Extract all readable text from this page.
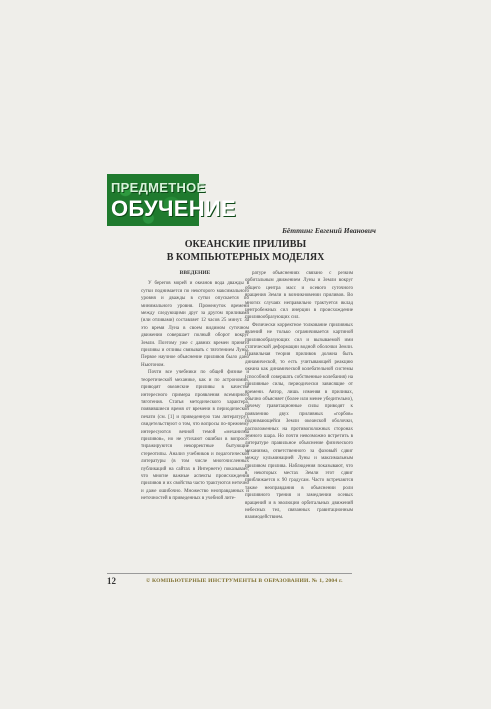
ПРЕДМЕТНОЕ
ОБУЧЕНИЕ
Бёттинг Евгений Иванович
ОКЕАНСКИЕ ПРИЛИВЫ
В КОМПЬЮТЕРНЫХ МОДЕЛЯХ
ВВЕДЕНИЕ

У берегов морей и океанов вода дважды в сутки поднимается по некоторого максимального уровня и дважды в сутки опускается по минимального уровня. Промежуток времени между следующими друг за другом приливами (или отливами) составляет 12 часов 25 минут. За это время Луна в своем видимом суточном движении совершает полный оборот вокруг Земли. Поэтому уже с давних времен принято приливы и отливы связывать с тяготением Луны. Первое научное объяснение приливов было дано Ньютоном.

Почти все учебники по общей физике и теоретической механике, как и по астрономии, приводят океанские приливы в качестве интересного примера проявления всемирного тяготения. Статья методического характера, появившиеся время от времени в периодической печати (см. [1] и приведенную там литературу), свидетельствуют о том, что вопросы по-прежнему интересуются вечной темой «механизма приливов», но не утихают ошибки в вопросе: тиражируются некорректные бытующие стереотипы. Анализ учебников и педагогической литературы (в том числе многочисленных публикаций на сайтах в Интернете) показывает, что многие важные аспекты происхождения приливов и их свойства часто трактуются неточно и даже ошибочно. Множество неоправданных и неточностей в приведенных в учебной лите-

ратуре объяснениях связано с резким орбитальным движением Луны и Земли вокруг общего центра масс и осевого суточного вращения Земли в возникновении приливов. Во многих случаях неправильно трактуется вклад центробежных сил инерции в происхождение приливообразующих сил.

Физически корректное толкование приливных явлений не только ограничивается картиной приливообразующих сил и вызываемой ими статической деформации водной оболочки Земли. Правильная теория приливов должна быть динамической, то есть учитывающей реакцию океана как динамической колебательной системы (способной совершать собственные колебания) на приливные силы, периодически зависящие от времени. Автор, лишь изменяя в приливах, обычно объясняет (более или менее убедительно), почему гравитационные силы приводят к появлению двух приливных «горбов» поднимающейся Земли океанской оболочки, расположенных на противоположных сторонах земного шара. Но почти невозможно встретить в литературе правильное объяснение физического механизма, ответственного за фазовый сдвиг между кульминацией Луны и максимальным приливом прилива. Наблюдения показывают, что в некоторых местах Земли этот сдвиг приближается к 90 градусам. Часто встречаются также неоправдания в объяснении роли приливного трения и замедлении осевых вращений и в эволюции орбитальных движений небесных тел, связанных гравитационным взаимодействием.

12	© КОМПЬЮТЕРНЫЕ ИНСТРУМЕНТЫ В ОБРАЗОВАНИИ. № 1, 2004 г.
